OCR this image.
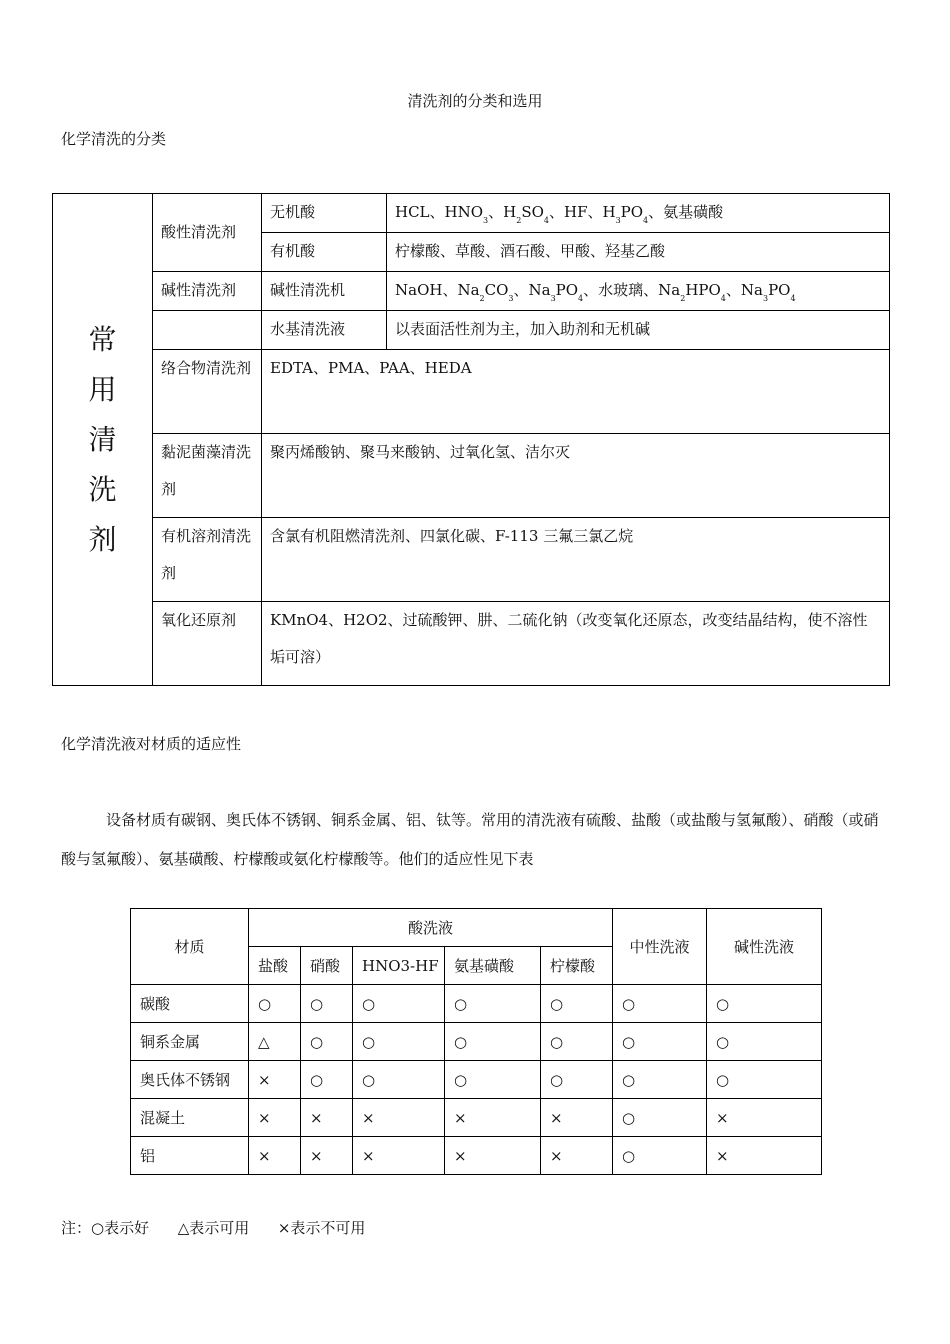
清洗剂的分类和选用
化学清洗的分类
常
用
清
洗
剂	酸性清洗剂	无机酸	HCL、$HNO_3$、$H_2SO_4$、HF、$H_3PO_4$、氨基磺酸
		有机酸	柠檬酸、草酸、酒石酸、甲酸、羟基乙酸
	碱性清洗剂	碱性清洗机	NaOH、$Na_2CO_3$、$Na_3PO_4$、水玻璃、$Na_2HPO_4$、$Na_3PO_4$
		水基清洗液	以表面活性剂为主，加入助剂和无机碱
	络合物清洗剂	EDTA、PMA、PAA、HEDA	
	黏泥菌藻清洗剂	聚丙烯酸钠、聚马来酸钠、过氧化氢、洁尔灭	
	有机溶剂清洗剂	含氯有机阻燃清洗剂、四氯化碳、F-113 三氟三氯乙烷	
	氧化还原剂	KMnO4、H2O2、过硫酸钾、肼、二硫化钠（改变氧化还原态，改变结晶结构，使不溶性垢可溶）	
化学清洗液对材质的适应性
设备材质有碳钢、奥氏体不锈钢、铜系金属、铝、钛等。常用的清洗液有硫酸、盐酸（或盐酸与氢氟酸）、硝酸（或硝酸与氢氟酸）、氨基磺酸、柠檬酸或氨化柠檬酸等。他们的适应性见下表
材质	酸洗液					中性洗液	碱性洗液
	盐酸	硝酸	HNO3-HF	氨基磺酸	柠檬酸		
碳酸	○	○	○	○	○	○	○
铜系金属	△	○	○	○	○	○	○
奥氏体不锈钢	×	○	○	○	○	○	○
混凝土	×	×	×	×	×	○	×
铝	×	×	×	×	×	○	×
注：○表示好      △表示可用      ×表示不可用
